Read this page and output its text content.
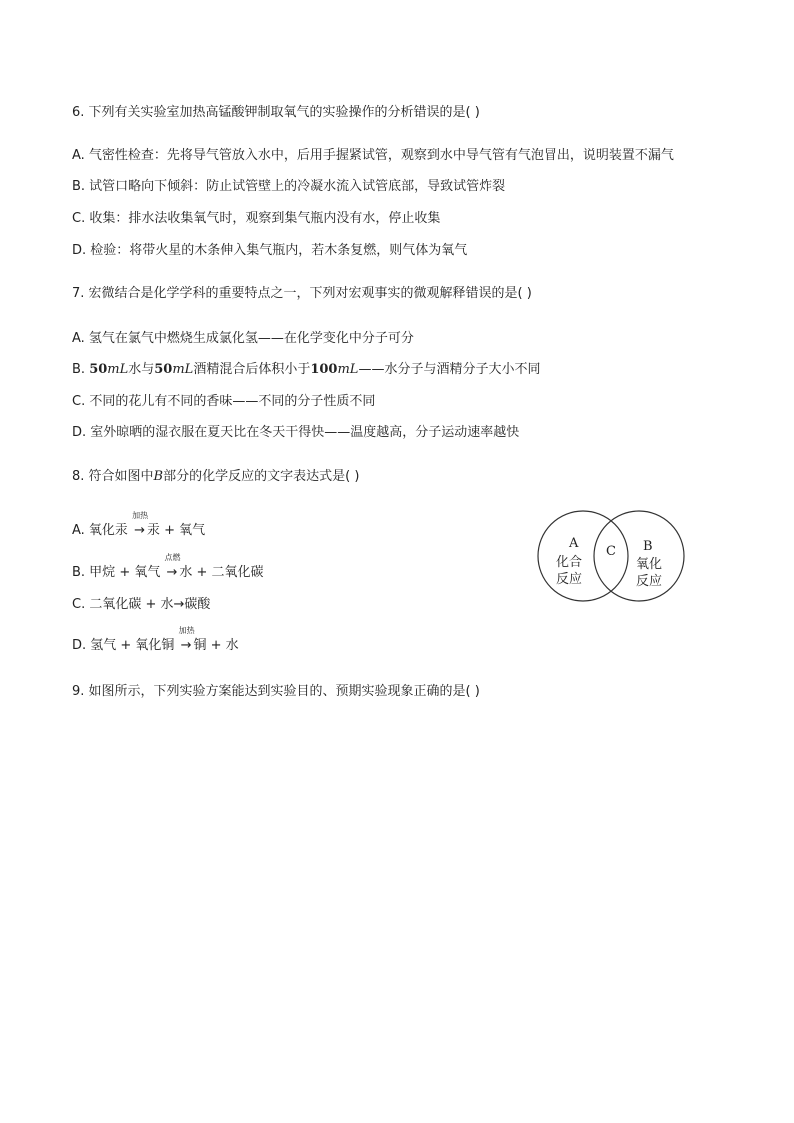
6. 下列有关实验室加热高锰酸钾制取氧气的实验操作的分析错误的是( )
A. 气密性检查：先将导气管放入水中，后用手握紧试管，观察到水中导气管有气泡冒出，说明装置不漏气
B. 试管口略向下倾斜：防止试管壁上的冷凝水流入试管底部，导致试管炸裂
C. 收集：排水法收集氧气时，观察到集气瓶内没有水，停止收集
D. 检验：将带火星的木条伸入集气瓶内，若木条复燃，则气体为氧气
7. 宏微结合是化学学科的重要特点之一，下列对宏观事实的微观解释错误的是( )
A. 氢气在氯气中燃烧生成氯化氢——在化学变化中分子可分
B. 50mL水与50mL酒精混合后体积小于100mL——水分子与酒精分子大小不同
C. 不同的花儿有不同的香味——不同的分子性质不同
D. 室外晾晒的湿衣服在夏天比在冬天干得快——温度越高，分子运动速率越快
8. 符合如图中B部分的化学反应的文字表达式是( )
A. 氧化汞
加热
→ 汞 + 氧气
B. 甲烷 + 氧气
点燃
→ 水 + 二氧化碳
C. 二氧化碳 + 水→碳酸
D. 氢气 + 氧化铜
加热
→ 铜 + 水
A
化合
反应
C B
氧化
反应
9. 如图所示，下列实验方案能达到实验目的、预期实验现象正确的是( )
